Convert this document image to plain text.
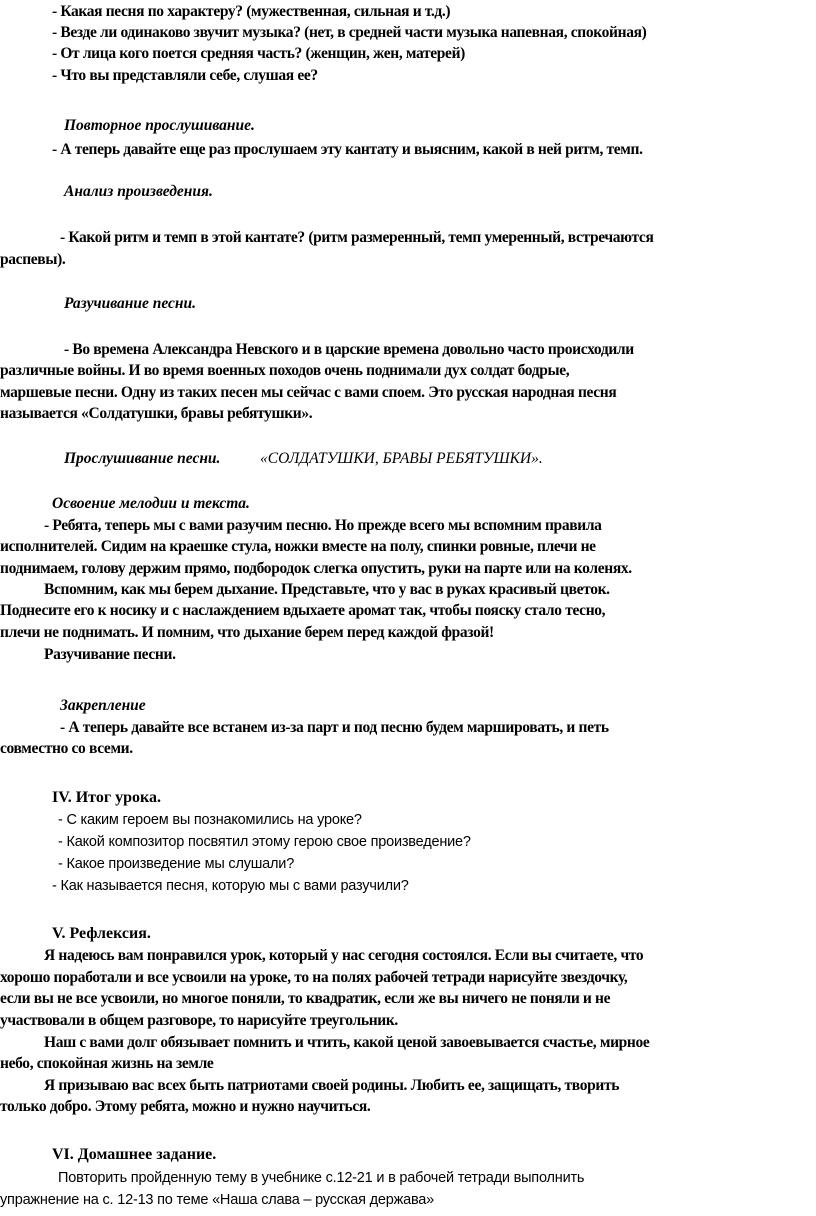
- Какая песня по характеру? (мужественная, сильная и т.д.)
- Везде ли одинаково звучит музыка? (нет, в средней части музыка напевная, спокойная)
- От лица кого поется средняя часть? (женщин, жен, матерей)
- Что вы представляли себе, слушая ее?
Повторное прослушивание.
- А теперь давайте еще раз прослушаем эту кантату и выясним, какой в ней ритм, темп.
Анализ произведения.
- Какой ритм и темп в этой кантате? (ритм размеренный, темп умеренный, встречаются
распевы).
Разучивание песни.
- Во времена Александра Невского и в царские времена довольно часто происходили
различные войны. И во время военных походов очень поднимали дух солдат бодрые,
маршевые песни. Одну из таких песен мы сейчас с вами споем. Это русская народная песня
называется «Солдатушки, бравы ребятушки».
Прослушивание песни.	«СОЛДАТУШКИ, БРАВЫ РЕБЯТУШКИ».
Освоение мелодии и текста.
- Ребята, теперь мы с вами разучим песню. Но прежде всего мы вспомним правила
исполнителей. Сидим на краешке стула, ножки вместе на полу, спинки ровные, плечи не
поднимаем, голову держим прямо, подбородок слегка опустить, руки на парте или на коленях.
Вспомним, как мы берем дыхание. Представьте, что у вас в руках красивый цветок.
Поднесите его к носику и с наслаждением вдыхаете аромат так, чтобы пояску стало тесно,
плечи не поднимать. И помним, что дыхание берем перед каждой фразой!
Разучивание песни.
Закрепление
- А теперь давайте все встанем из-за парт и под песню будем маршировать, и петь
совместно со всеми.
IV. Итог урока.
- С каким героем вы познакомились на уроке?
- Какой композитор посвятил этому герою свое произведение?
- Какое произведение мы слушали?
- Как называется песня, которую мы с вами разучили?
V. Рефлексия.
Я надеюсь вам понравился урок, который у нас сегодня состоялся. Если вы считаете, что
хорошо поработали и все усвоили на уроке, то на полях рабочей тетради нарисуйте звездочку,
если вы не все усвоили, но многое поняли, то квадратик, если же вы ничего не поняли и не
участвовали в общем разговоре, то нарисуйте треугольник.
Наш с вами долг обязывает помнить и чтить, какой ценой завоевывается счастье, мирное
небо, спокойная жизнь на земле
Я призываю вас всех быть патриотами своей родины. Любить ее, защищать, творить
только добро. Этому ребята, можно и нужно научиться.
VI. Домашнее задание.
Повторить пройденную тему в учебнике с.12-21 и в рабочей тетради выполнить
упражнение на с. 12-13 по теме «Наша слава – русская держава»
